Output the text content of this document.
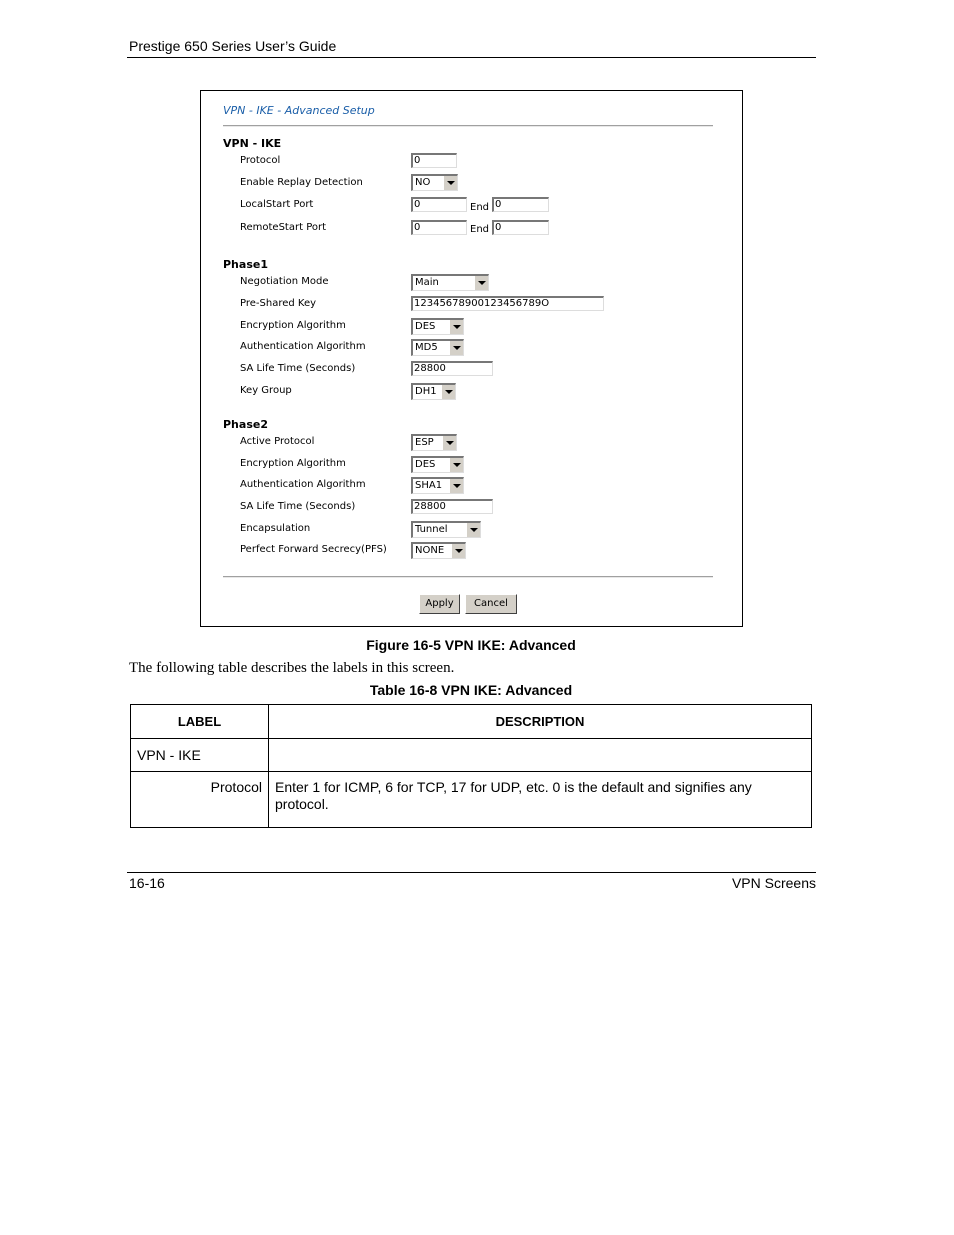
Prestige 650 Series User’s Guide
VPN - IKE - Advanced Setup
VPN - IKE
Protocol	0
Enable Replay Detection	NO
LocalStart Port	0	End 0
RemoteStart Port	0	End 0
Phase1
Negotiation Mode	Main
Pre-Shared Key	12345678900123456789O
Encryption Algorithm	DES
Authentication Algorithm	MD5
SA Life Time (Seconds)	28800
Key Group	DH1
Phase2
Active Protocol	ESP
Encryption Algorithm	DES
Authentication Algorithm	SHA1
SA Life Time (Seconds)	28800
Encapsulation	Tunnel
Perfect Forward Secrecy(PFS)	NONE
Apply	Cancel
Figure 16-5 VPN IKE: Advanced
The following table describes the labels in this screen.
Table 16-8 VPN IKE: Advanced
LABEL	DESCRIPTION
VPN - IKE	
Protocol	Enter 1 for ICMP, 6 for TCP, 17 for UDP, etc. 0 is the default and signifies any protocol.
16-16	VPN Screens
